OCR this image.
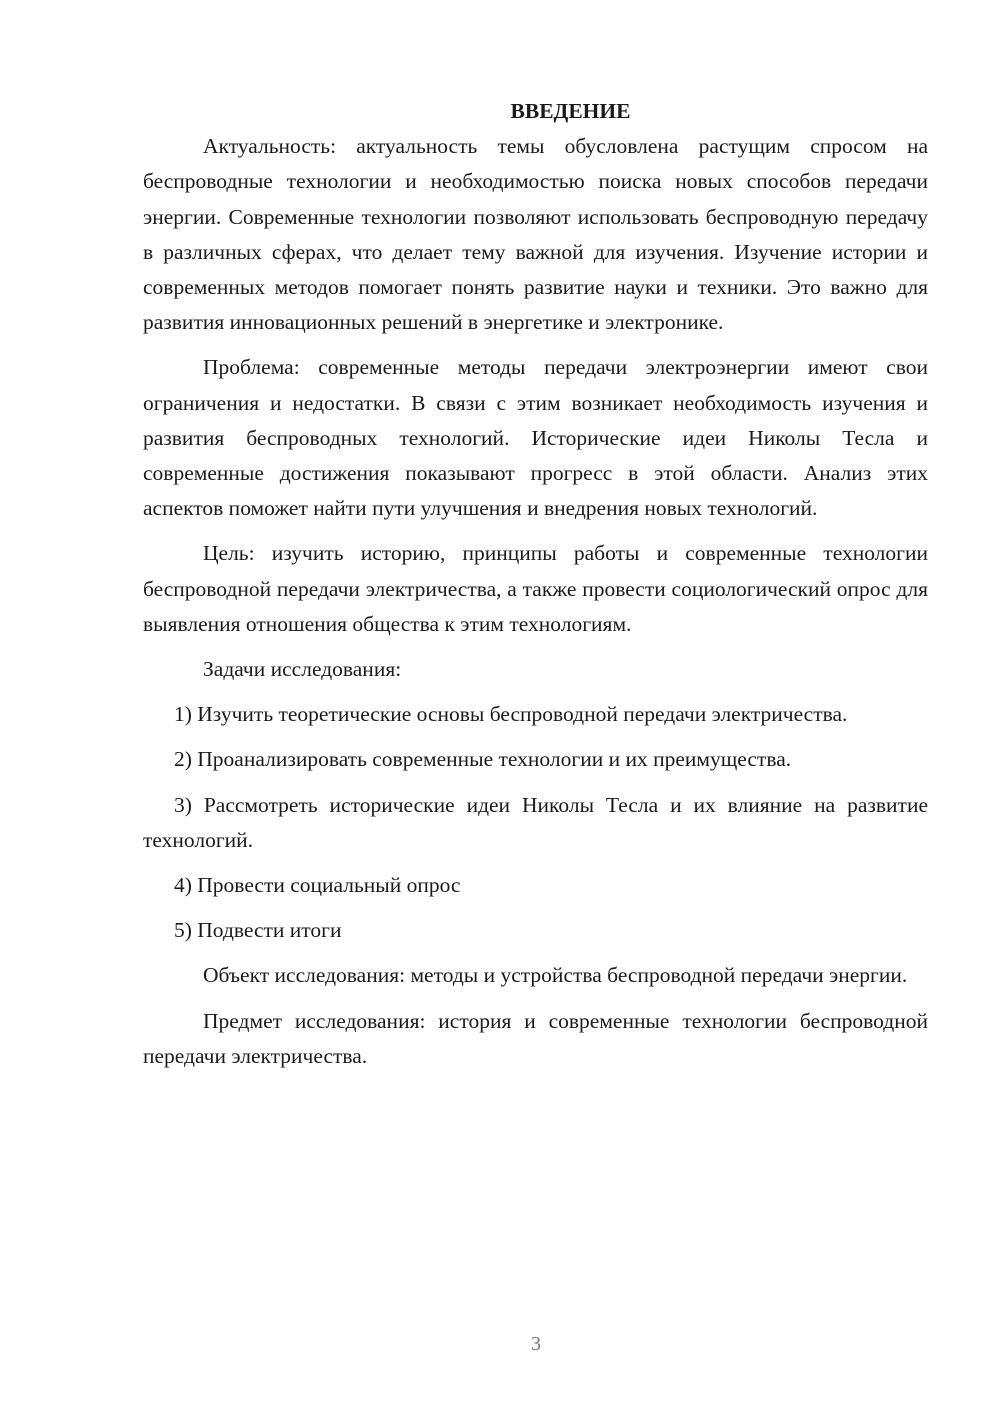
ВВЕДЕНИЕ

Актуальность: актуальность темы обусловлена растущим спросом на беспроводные технологии и необходимостью поиска новых способов передачи энергии. Современные технологии позволяют использовать беспроводную передачу в различных сферах, что делает тему важной для изучения. Изучение истории и современных методов помогает понять развитие науки и техники. Это важно для развития инновационных решений в энергетике и электронике.

Проблема: современные методы передачи электроэнергии имеют свои ограничения и недостатки. В связи с этим возникает необходимость изучения и развития беспроводных технологий. Исторические идеи Николы Тесла и современные достижения показывают прогресс в этой области. Анализ этих аспектов поможет найти пути улучшения и внедрения новых технологий.

Цель: изучить историю, принципы работы и современные технологии беспроводной передачи электричества, а также провести социологический опрос для выявления отношения общества к этим технологиям.

Задачи исследования:

1) Изучить теоретические основы беспроводной передачи электричества.

2) Проанализировать современные технологии и их преимущества.

3) Рассмотреть исторические идеи Николы Тесла и их влияние на развитие технологий.

4) Провести социальный опрос

5) Подвести итоги

Объект исследования: методы и устройства беспроводной передачи энергии.

Предмет исследования: история и современные технологии беспроводной передачи электричества.

3
